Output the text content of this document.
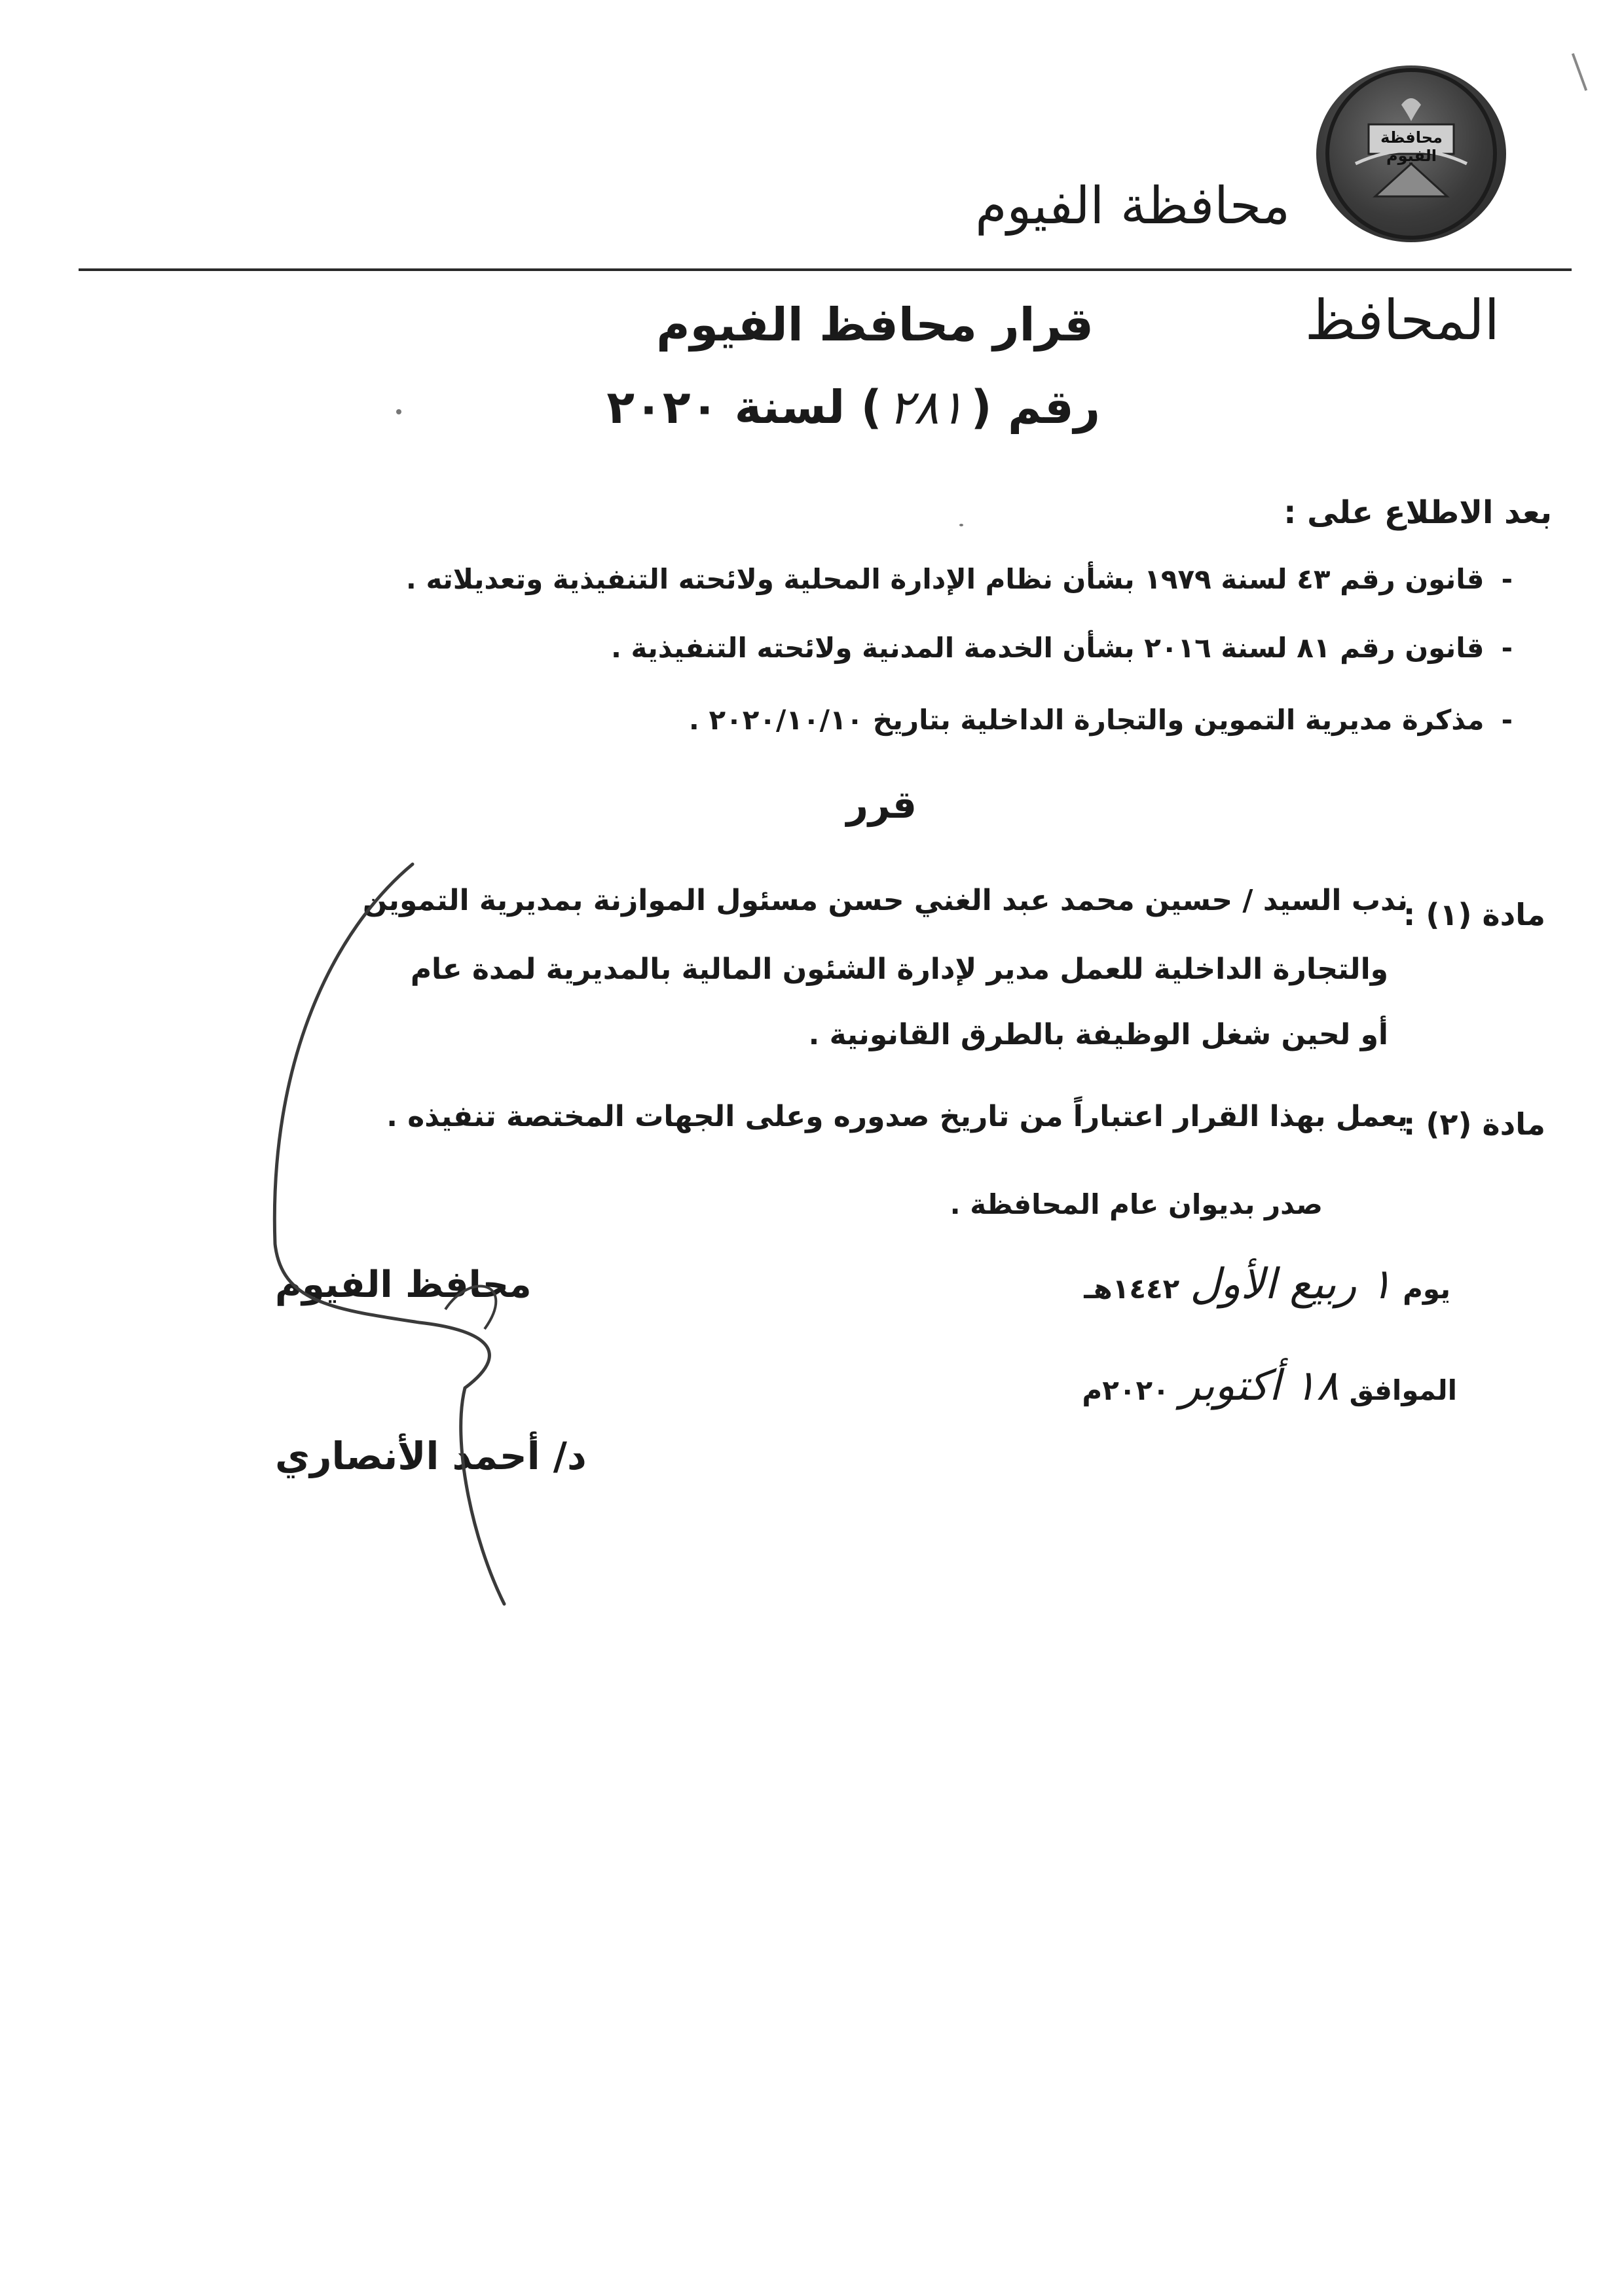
محافظة الفيوم
محافظة الفيوم
المحافظ
قرار محافظ الفيوم
رقم (
٢٨١
) لسنة ٢٠٢٠
بعد الاطلاع على :
-
قانون رقم ٤٣ لسنة ١٩٧٩ بشأن نظام الإدارة المحلية ولائحته التنفيذية وتعديلاته .
-
قانون رقم ٨١ لسنة ٢٠١٦ بشأن الخدمة المدنية ولائحته التنفيذية .
-
مذكرة مديرية التموين والتجارة الداخلية بتاريخ ٢٠٢٠/١٠/١٠ .
قرر
مادة (١) :
ندب السيد / حسين محمد عبد الغني حسن مسئول الموازنة بمديرية التموين
والتجارة الداخلية للعمل مدير لإدارة الشئون المالية بالمديرية لمدة عام
أو لحين شغل الوظيفة بالطرق القانونية .
مادة (٢) :
يعمل بهذا القرار اعتباراً من تاريخ صدوره وعلى الجهات المختصة تنفيذه .
صدر بديوان عام المحافظة .
يوم
١ ربيع الأول
١٤٤٢هـ
الموافق
١٨ أكتوبر
٢٠٢٠م
محافظ الفيوم
د/ أحمد الأنصاري
